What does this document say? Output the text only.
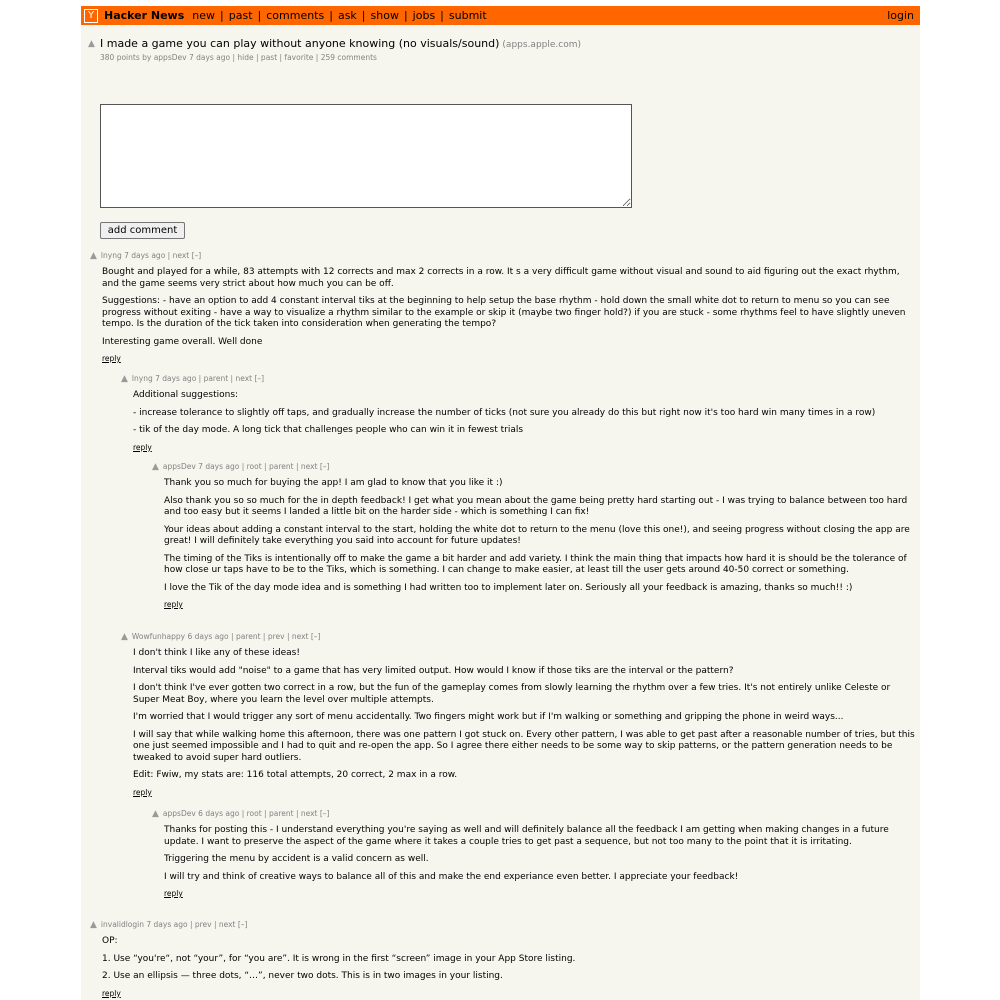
Y Hacker News new | past | comments | ask | show | jobs | submit	login
▲ I made a game you can play without anyone knowing (no visuals/sound) (apps.apple.com)
380 points by appsDev 7 days ago | hide | past | favorite | 259 comments
add comment
▲ lnyng 7 days ago | next [–]

Bought and played for a while, 83 attempts with 12 corrects and max 2 corrects in a row. It s a very difficult game without visual and sound to aid figuring out the exact rhythm, and the game seems very strict about how much you can be off.

Suggestions: - have an option to add 4 constant interval tiks at the beginning to help setup the base rhythm - hold down the small white dot to return to menu so you can see progress without exiting - have a way to visualize a rhythm similar to the example or skip it (maybe two finger hold?) if you are stuck - some rhythms feel to have slightly uneven tempo. Is the duration of the tick taken into consideration when generating the tempo?

Interesting game overall. Well done

reply
▲ lnyng 7 days ago | parent | next [–]

Additional suggestions:

- increase tolerance to slightly off taps, and gradually increase the number of ticks (not sure you already do this but right now it's too hard win many times in a row)

- tik of the day mode. A long tick that challenges people who can win it in fewest trials

reply
▲ appsDev 7 days ago | root | parent | next [–]

Thank you so much for buying the app! I am glad to know that you like it :)

Also thank you so so much for the in depth feedback! I get what you mean about the game being pretty hard starting out - I was trying to balance between too hard and too easy but it seems I landed a little bit on the harder side - which is something I can fix!

Your ideas about adding a constant interval to the start, holding the white dot to return to the menu (love this one!), and seeing progress without closing the app are great! I will definitely take everything you said into account for future updates!

The timing of the Tiks is intentionally off to make the game a bit harder and add variety. I think the main thing that impacts how hard it is should be the tolerance of how close ur taps have to be to the Tiks, which is something. I can change to make easier, at least till the user gets around 40-50 correct or something.

I love the Tik of the day mode idea and is something I had written too to implement later on. Seriously all your feedback is amazing, thanks so much!! :)

reply
▲ Wowfunhappy 6 days ago | parent | prev | next [–]

I don't think I like any of these ideas!

Interval tiks would add "noise" to a game that has very limited output. How would I know if those tiks are the interval or the pattern?

I don't think I've ever gotten two correct in a row, but the fun of the gameplay comes from slowly learning the rhythm over a few tries. It's not entirely unlike Celeste or Super Meat Boy, where you learn the level over multiple attempts.

I'm worried that I would trigger any sort of menu accidentally. Two fingers might work but if I'm walking or something and gripping the phone in weird ways...

I will say that while walking home this afternoon, there was one pattern I got stuck on. Every other pattern, I was able to get past after a reasonable number of tries, but this one just seemed impossible and I had to quit and re-open the app. So I agree there either needs to be some way to skip patterns, or the pattern generation needs to be tweaked to avoid super hard outliers.

Edit: Fwiw, my stats are: 116 total attempts, 20 correct, 2 max in a row.

reply
▲ appsDev 6 days ago | root | parent | next [–]

Thanks for posting this - I understand everything you're saying as well and will definitely balance all the feedback I am getting when making changes in a future update. I want to preserve the aspect of the game where it takes a couple tries to get past a sequence, but not too many to the point that it is irritating.

Triggering the menu by accident is a valid concern as well.

I will try and think of creative ways to balance all of this and make the end experiance even better. I appreciate your feedback!

reply
▲ invalidlogin 7 days ago | prev | next [–]

OP:

1. Use “you're“, not “your”, for “you are”. It is wrong in the first “screen” image in your App Store listing.

2. Use an ellipsis — three dots, “…”, never two dots. This is in two images in your listing.

reply
